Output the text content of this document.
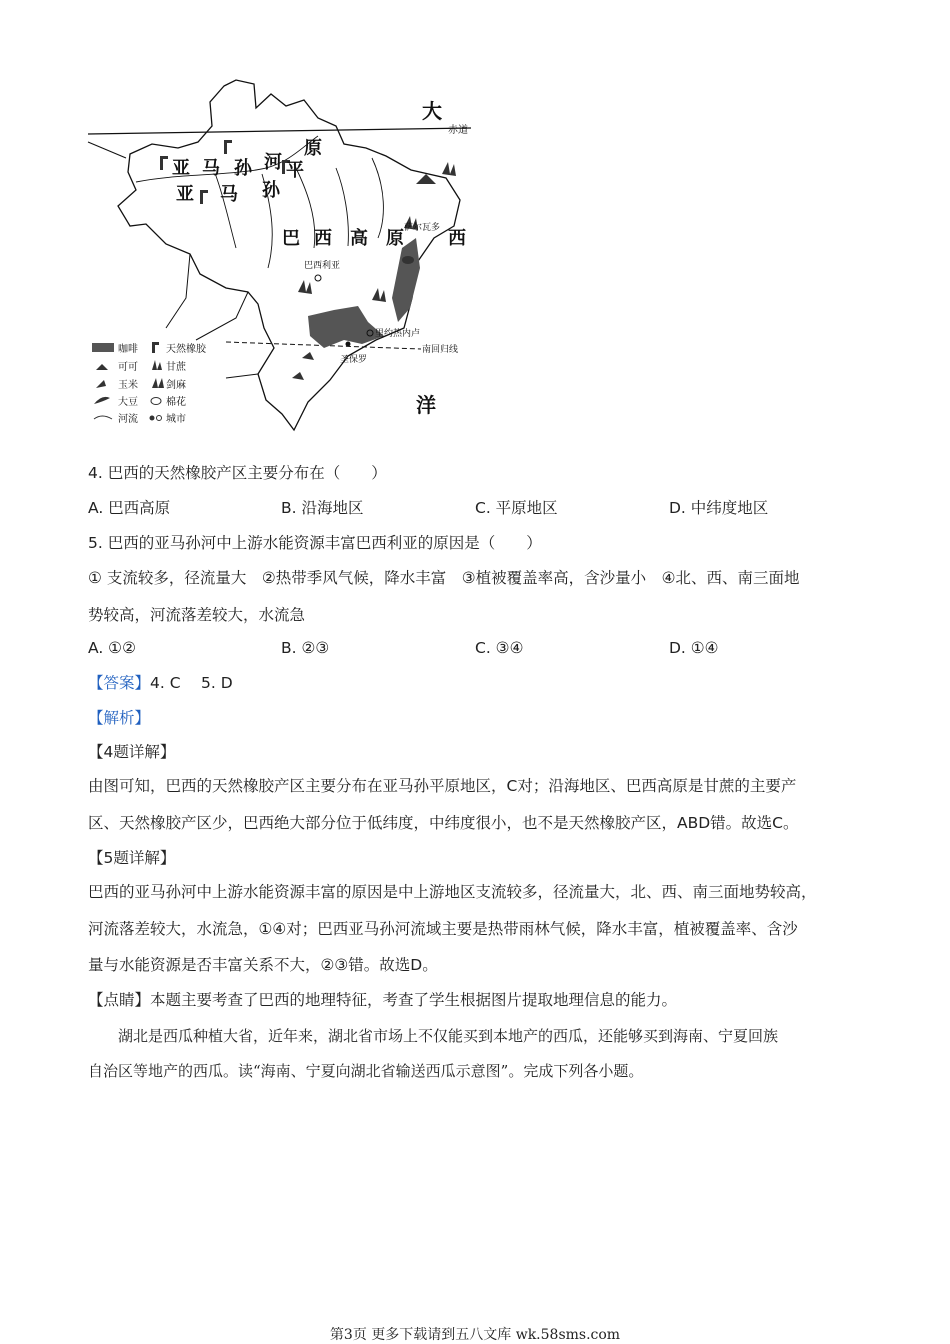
大
赤道
洋
亚 马 孙 平
原
亚 马 孙
河
巴 西 高 原 西
萨尔瓦多
巴西利亚
里约热内卢
南回归线
圣保罗
咖啡	天然橡胶
可可	甘蔗
玉米	剑麻
大豆	棉花
河流	城市
4. 巴西的天然橡胶产区主要分布在（　　）
A. 巴西高原	B. 沿海地区	C. 平原地区	D. 中纬度地区
5. 巴西的亚马孙河中上游水能资源丰富巴西利亚的原因是（　　）
① 支流较多，径流量大　②热带季风气候，降水丰富　③植被覆盖率高，含沙量小　④北、西、南三面地
势较高，河流落差较大，水流急
A. ①②	B. ②③	C. ③④	D. ①④
【答案】4. C　 5. D
【解析】
【4题详解】
由图可知，巴西的天然橡胶产区主要分布在亚马孙平原地区，C对；沿海地区、巴西高原是甘蔗的主要产
区、天然橡胶产区少，巴西绝大部分位于低纬度，中纬度很小，也不是天然橡胶产区，ABD错。故选C。
【5题详解】
巴西的亚马孙河中上游水能资源丰富的原因是中上游地区支流较多，径流量大，北、西、南三面地势较高，
河流落差较大，水流急，①④对；巴西亚马孙河流域主要是热带雨林气候，降水丰富，植被覆盖率、含沙
量与水能资源是否丰富关系不大，②③错。故选D。
【点睛】本题主要考查了巴西的地理特征，考查了学生根据图片提取地理信息的能力。
湖北是西瓜种植大省，近年来，湖北省市场上不仅能买到本地产的西瓜，还能够买到海南、宁夏回族
自治区等地产的西瓜。读“海南、宁夏向湖北省输送西瓜示意图”。完成下列各小题。
第3页 更多下载请到五八文库 wk.58sms.com
